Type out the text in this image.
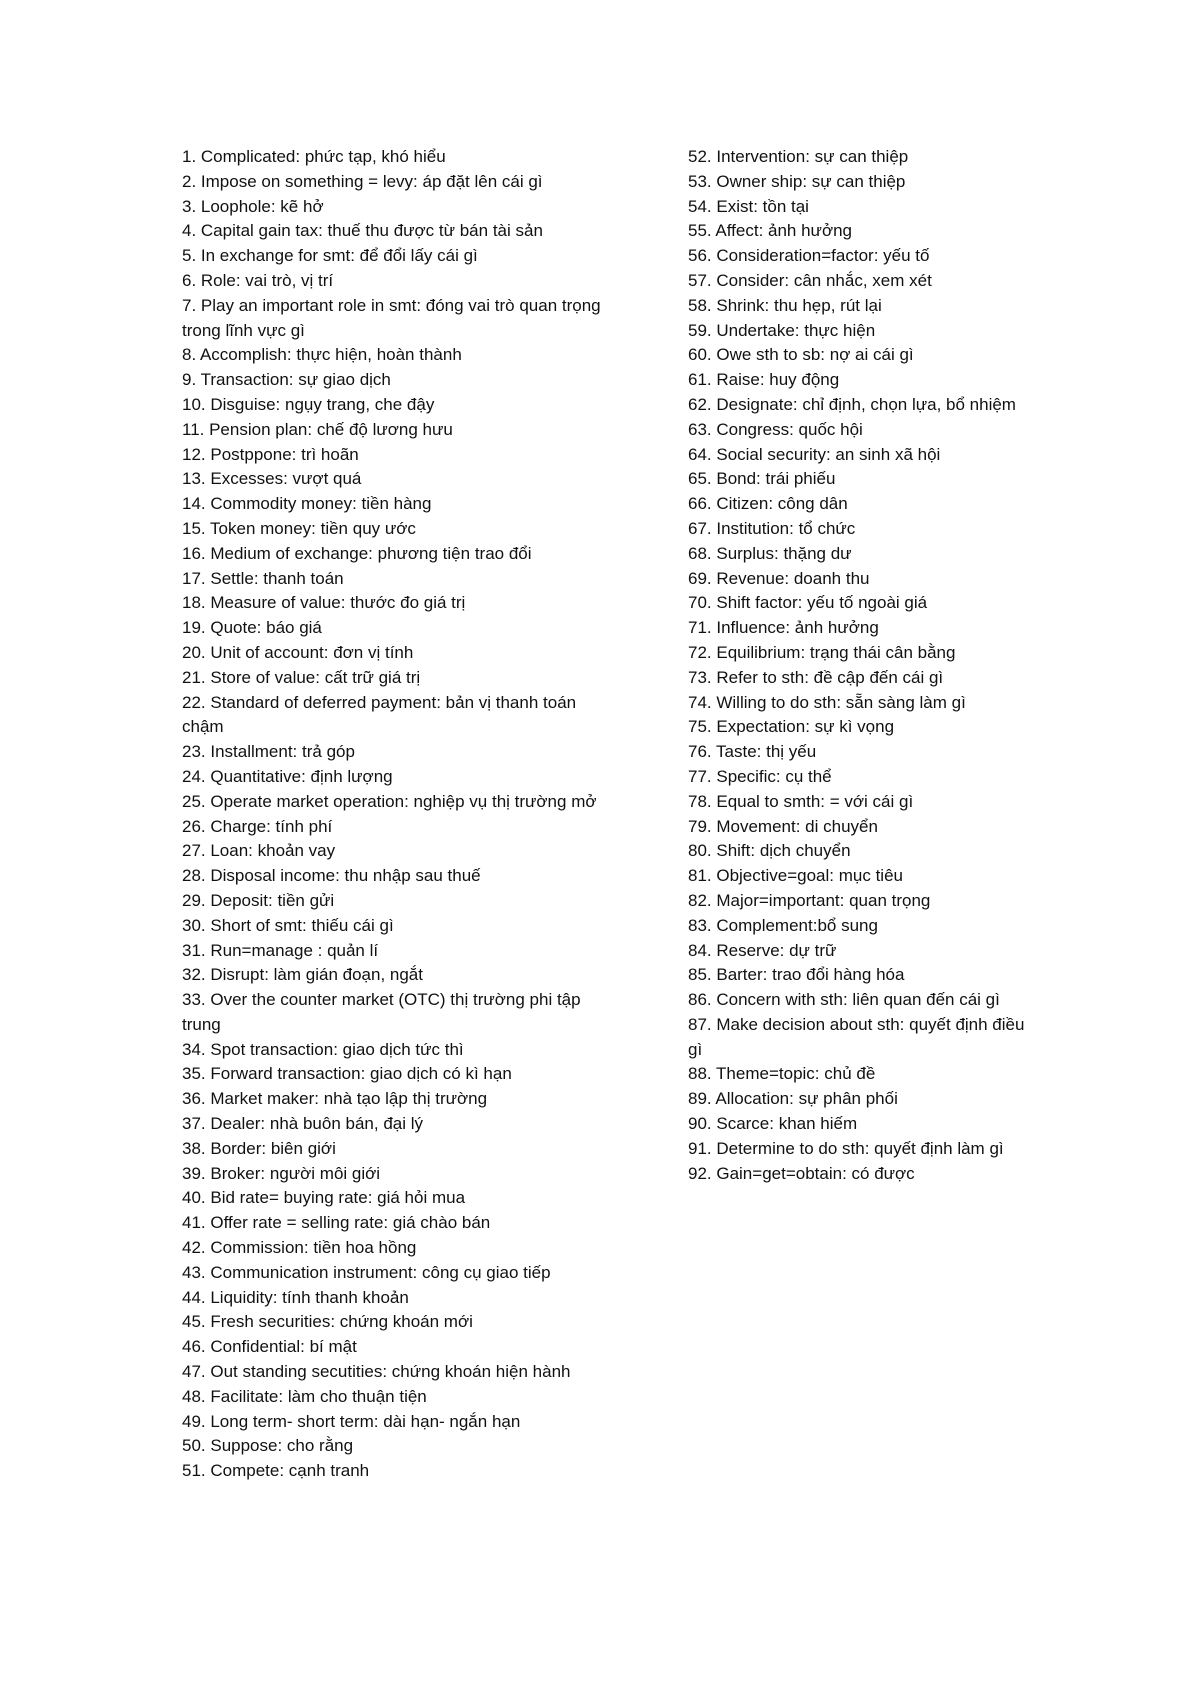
1. Complicated: phức tạp, khó hiểu
2. Impose on something = levy: áp đặt lên cái gì
3. Loophole: kẽ hở
4. Capital gain tax: thuế thu được từ bán tài sản
5. In exchange for smt: để đổi lấy cái gì
6. Role: vai trò, vị trí
7. Play an important role in smt: đóng vai trò quan trọng trong lĩnh vực gì
8. Accomplish: thực hiện, hoàn thành
9. Transaction: sự giao dịch
10. Disguise: ngụy trang, che đậy
11. Pension plan: chế độ lương hưu
12. Postppone: trì hoãn
13. Excesses: vượt quá
14. Commodity money: tiền hàng
15. Token money: tiền quy ước
16. Medium of exchange: phương tiện trao đổi
17. Settle: thanh toán
18. Measure of value: thước đo giá trị
19. Quote: báo giá
20. Unit of account: đơn vị tính
21. Store of value: cất trữ giá trị
22. Standard of deferred payment: bản vị thanh toán chậm
23. Installment: trả góp
24. Quantitative: định lượng
25. Operate market operation: nghiệp vụ thị trường mở
26. Charge: tính phí
27. Loan: khoản vay
28. Disposal income: thu nhập sau thuế
29. Deposit: tiền gửi
30. Short of smt: thiếu cái gì
31. Run=manage : quản lí
32. Disrupt: làm gián đoạn, ngắt
33. Over the counter market (OTC) thị trường phi tập trung
34. Spot transaction: giao dịch tức thì
35. Forward transaction: giao dịch có kì hạn
36. Market maker: nhà tạo lập thị trường
37. Dealer: nhà buôn bán, đại lý
38. Border: biên giới
39. Broker: người môi giới
40. Bid rate= buying rate: giá hỏi mua
41. Offer rate = selling rate: giá chào bán
42. Commission: tiền hoa hồng
43. Communication instrument: công cụ giao tiếp
44. Liquidity: tính thanh khoản
45. Fresh securities: chứng khoán mới
46. Confidential: bí mật
47. Out standing secutities: chứng khoán hiện hành
48. Facilitate: làm cho thuận tiện
49. Long term- short term: dài hạn- ngắn hạn
50. Suppose: cho rằng
51. Compete: cạnh tranh
52. Intervention: sự can thiệp
53. Owner ship: sự can thiệp
54. Exist: tồn tại
55. Affect: ảnh hưởng
56. Consideration=factor: yếu tố
57. Consider: cân nhắc, xem xét
58. Shrink: thu hẹp, rút lại
59. Undertake: thực hiện
60. Owe sth to sb: nợ ai cái gì
61. Raise: huy động
62. Designate: chỉ định, chọn lựa, bổ nhiệm
63. Congress: quốc hội
64. Social security: an sinh xã hội
65. Bond: trái phiếu
66. Citizen: công dân
67. Institution: tổ chức
68. Surplus: thặng dư
69. Revenue: doanh thu
70. Shift factor: yếu tố ngoài giá
71. Influence: ảnh hưởng
72. Equilibrium: trạng thái cân bằng
73. Refer to sth: đề cập đến cái gì
74. Willing to do sth: sẵn sàng làm gì
75. Expectation: sự kì vọng
76. Taste: thị yếu
77. Specific: cụ thể
78. Equal to smth: = với cái gì
79. Movement: di chuyển
80. Shift: dịch chuyển
81. Objective=goal: mục tiêu
82. Major=important: quan trọng
83. Complement:bổ sung
84. Reserve: dự trữ
85. Barter: trao đổi hàng hóa
86. Concern with sth: liên quan đến cái gì
87. Make decision about sth: quyết định điều gì
88. Theme=topic: chủ đề
89. Allocation: sự phân phối
90. Scarce: khan hiếm
91. Determine to do sth: quyết định làm gì
92. Gain=get=obtain: có được
